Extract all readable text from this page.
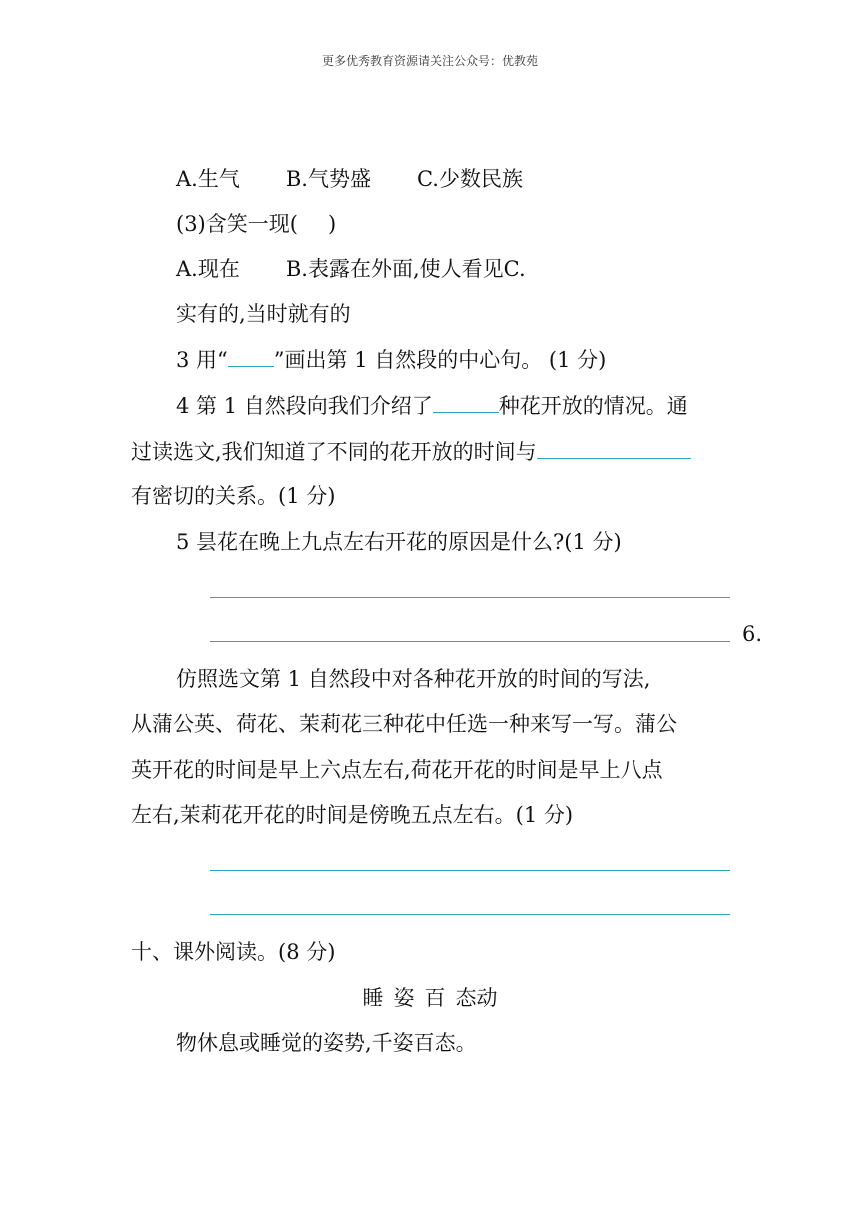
更多优秀教育资源请关注公众号：优教苑
A.生气 B.气势盛 C.少数民族
(3)含笑一现( )
A.现在 B.表露在外面,使人看见C.
实有的,当时就有的
3 用“ ”画出第 1 自然段的中心句。 (1 分)
4 第 1 自然段向我们介绍了	种花开放的情况。通
过读选文,我们知道了不同的花开放的时间与
有密切的关系。(1 分)
5 昙花在晚上九点左右开花的原因是什么?(1 分)
6.
仿照选文第 1 自然段中对各种花开放的时间的写法,
从蒲公英、荷花、茉莉花三种花中任选一种来写一写。蒲公
英开花的时间是早上六点左右,荷花开花的时间是早上八点
左右,茉莉花开花的时间是傍晚五点左右。(1 分)
十、课外阅读。(8 分)
睡 姿 百 态动
物休息或睡觉的姿势,千姿百态。
